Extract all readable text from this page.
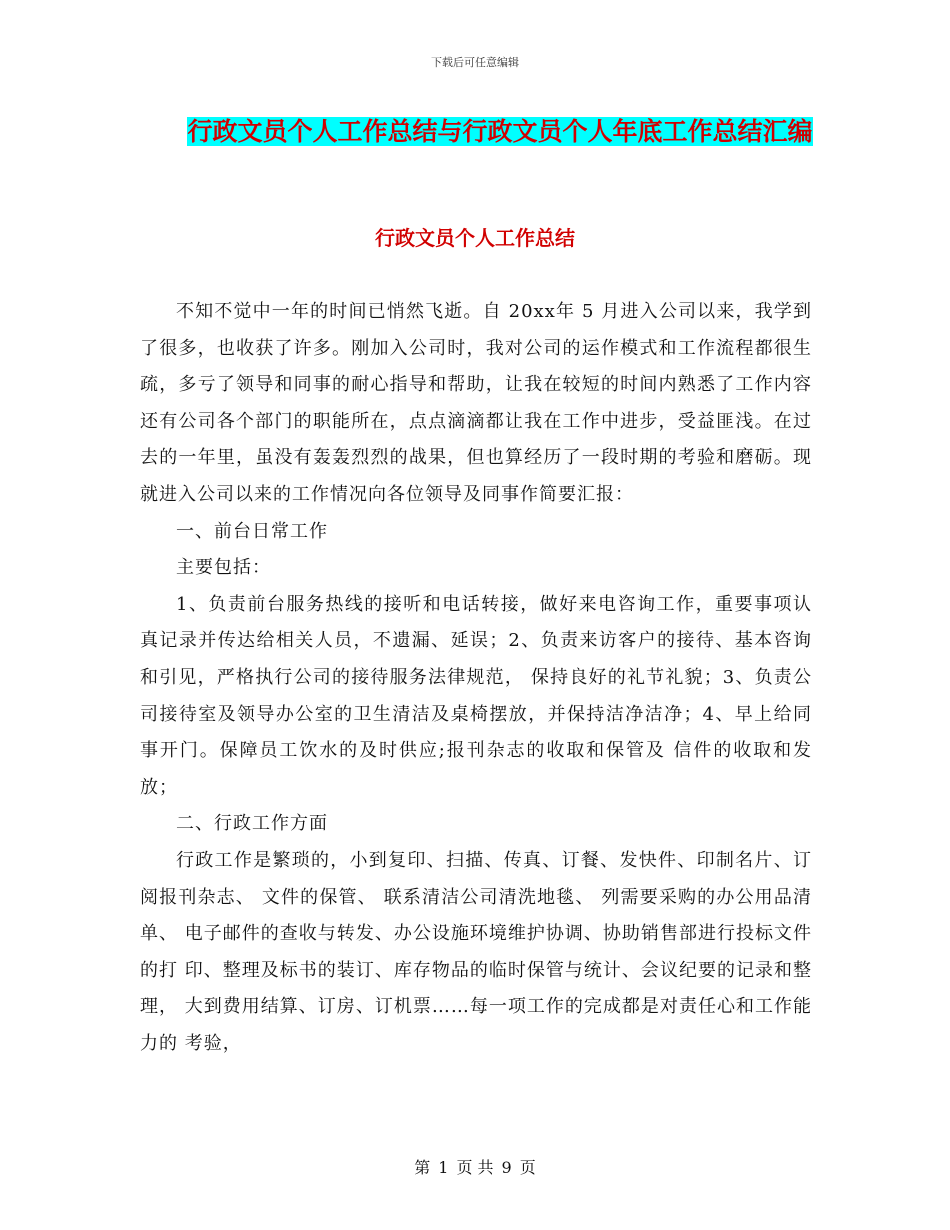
下载后可任意编辑
行政文员个人工作总结与行政文员个人年底工作总结汇编
行政文员个人工作总结

不知不觉中一年的时间已悄然飞逝。自 20xx年 5 月进入公司以来，我学到 了很多，也收获了许多。刚加入公司时，我对公司的运作模式和工作流程都很生 疏，多亏了领导和同事的耐心指导和帮助，让我在较短的时间内熟悉了工作内容 还有公司各个部门的职能所在，点点滴滴都让我在工作中进步，受益匪浅。在过 去的一年里，虽没有轰轰烈烈的战果，但也算经历了一段时期的考验和磨砺。现 就进入公司以来的工作情况向各位领导及同事作简要汇报：

一、前台日常工作

主要包括：

1、负责前台服务热线的接听和电话转接，做好来电咨询工作，重要事项认 真记录并传达给相关人员，不遗漏、延误；2、负责来访客户的接待、基本咨询和引见，严格执行公司的接待服务法律规范， 保持良好的礼节礼貌；3、负责公司接待室及领导办公室的卫生清洁及桌椅摆放，并保持洁净洁净；4、早上给同事开门。保障员工饮水的及时供应;报刊杂志的收取和保管及 信件的收取和发放；

二、行政工作方面

行政工作是繁琐的，小到复印、扫描、传真、订餐、发快件、印制名片、订 阅报刊杂志、 文件的保管、 联系清洁公司清洗地毯、 列需要采购的办公用品清单、 电子邮件的查收与转发、办公设施环境维护协调、协助销售部进行投标文件的打 印、整理及标书的装订、库存物品的临时保管与统计、会议纪要的记录和整理， 大到费用结算、订房、订机票……每一项工作的完成都是对责任心和工作能力的 考验，

第 1 页 共 9 页
